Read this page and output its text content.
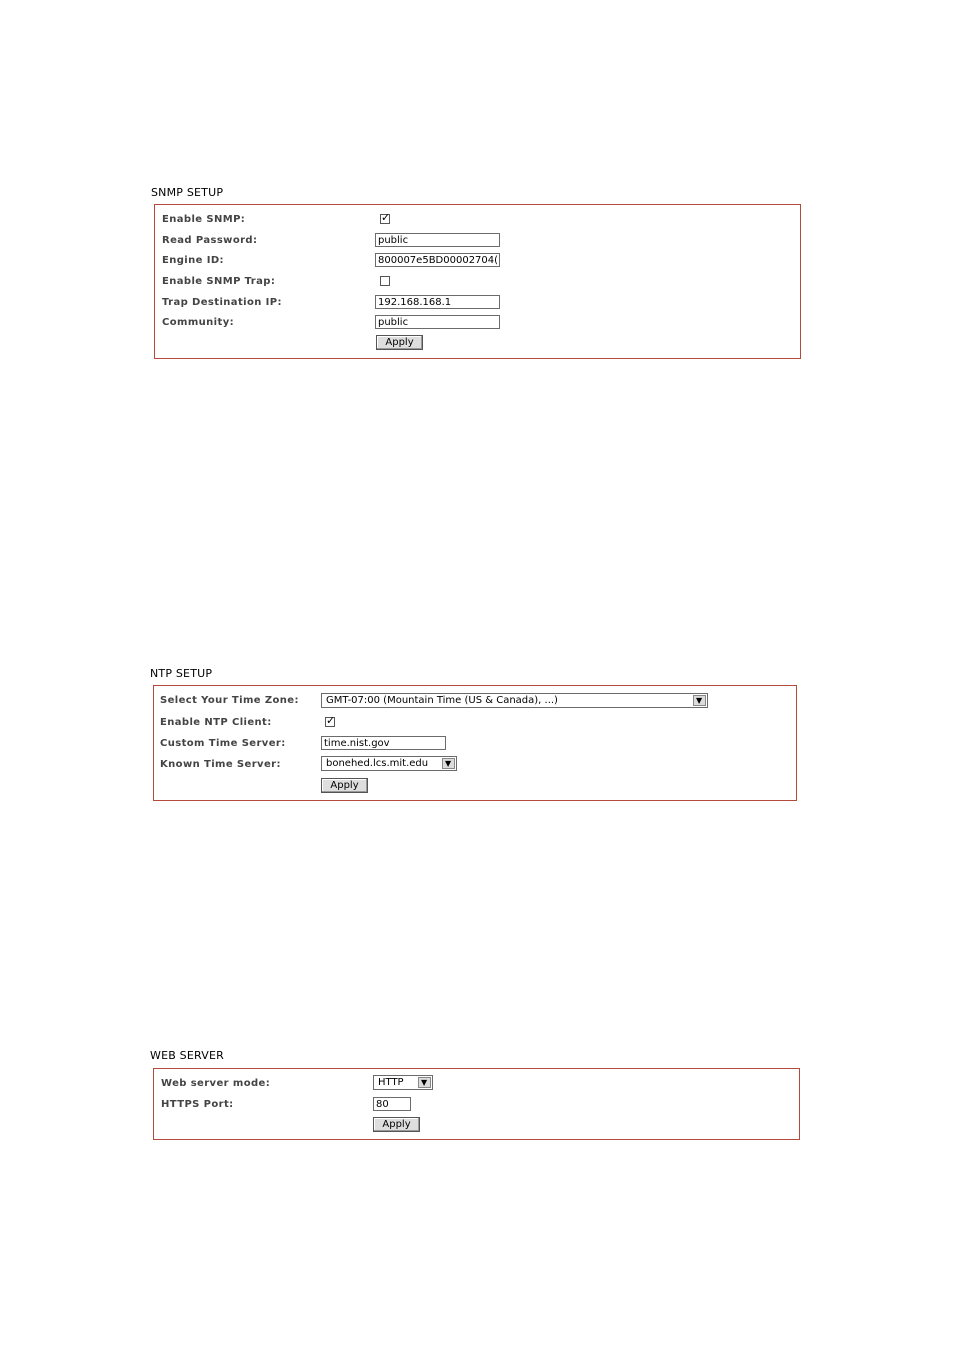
SNMP SETUP
Enable SNMP:	✓
Read Password:	public
Engine ID:	800007e5BD00002704(
Enable SNMP Trap:
Trap Destination IP:	192.168.168.1
Community:	public
Apply
NTP SETUP
Select Your Time Zone:	GMT-07:00 (Mountain Time (US & Canada), ...)	▼
Enable NTP Client:	✓
Custom Time Server:	time.nist.gov
Known Time Server:	bonehed.lcs.mit.edu ▼
Apply
WEB SERVER
Web server mode:	HTTP ▼
HTTPS Port:	80
Apply
